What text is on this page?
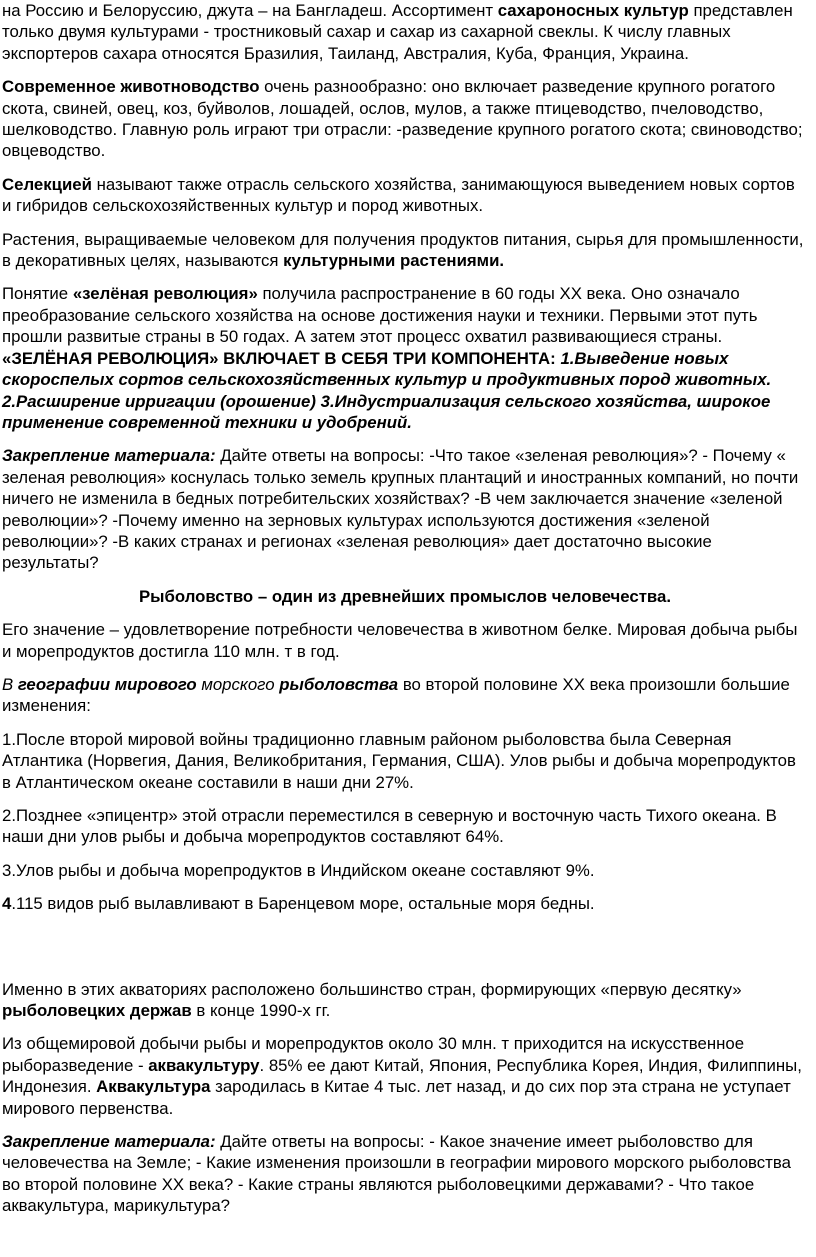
на Россию и Белоруссию, джута – на Бангладеш. Ассортимент сахароносных культур представлен только двумя культурами - тростниковый сахар и сахар из сахарной свеклы. К числу главных экспортеров сахара относятся Бразилия, Таиланд, Австралия, Куба, Франция, Украина.

Современное животноводство очень разнообразно: оно включает разведение крупного рогатого скота, свиней, овец, коз, буйволов, лошадей, ослов, мулов, а также птицеводство, пчеловодство, шелководство. Главную роль играют три отрасли: -разведение крупного рогатого скота; свиноводство; овцеводство.

Селекцией называют также отрасль сельского хозяйства, занимающуюся выведением новых сортов и гибридов сельскохозяйственных культур и пород животных.

Растения, выращиваемые человеком для получения продуктов питания, сырья для промышленности, в декоративных целях, называются культурными растениями.

Понятие «зелёная революция» получила распространение в 60 годы XX века. Оно означало преобразование сельского хозяйства на основе достижения науки и техники. Первыми этот путь прошли развитые страны в 50 годах. А затем этот процесс охватил развивающиеся страны. «ЗЕЛЁНАЯ РЕВОЛЮЦИЯ» ВКЛЮЧАЕТ В СЕБЯ ТРИ КОМПОНЕНТА: 1.Выведение новых скороспелых сортов сельскохозяйственных культур и продуктивных пород животных. 2.Расширение ирригации (орошение) 3.Индустриализация сельского хозяйства, широкое применение современной техники и удобрений.

Закрепление материала: Дайте ответы на вопросы: -Что такое «зеленая революция»? - Почему « зеленая революция» коснулась только земель крупных плантаций и иностранных компаний, но почти ничего не изменила в бедных потребительских хозяйствах? -В чем заключается значение «зеленой революции»? -Почему именно на зерновых культурах используются достижения «зеленой революции»? -В каких странах и регионах «зеленая революция» дает достаточно высокие результаты?

Рыболовство – один из древнейших промыслов человечества.

Его значение – удовлетворение потребности человечества в животном белке. Мировая добыча рыбы и морепродуктов достигла 110 млн. т в год.

В географии мирового морского рыболовства во второй половине XX века произошли большие изменения:

1.После второй мировой войны традиционно главным районом рыболовства была Северная Атлантика (Норвегия, Дания, Великобритания, Германия, США). Улов рыбы и добыча морепродуктов в Атлантическом океане составили в наши дни 27%.

2.Позднее «эпицентр» этой отрасли переместился в северную и восточную часть Тихого океана. В наши дни улов рыбы и добыча морепродуктов составляют 64%.

3.Улов рыбы и добыча морепродуктов в Индийском океане составляют 9%.

4.115 видов рыб вылавливают в Баренцевом море, остальные моря бедны.

Именно в этих акваториях расположено большинство стран, формирующих «первую десятку» рыболовецких держав в конце 1990-х гг.

Из общемировой добычи рыбы и морепродуктов около 30 млн. т приходится на искусственное рыборазведение - аквакультуру. 85% ее дают Китай, Япония, Республика Корея, Индия, Филиппины, Индонезия. Аквакультура зародилась в Китае 4 тыс. лет назад, и до сих пор эта страна не уступает мирового первенства.

Закрепление материала: Дайте ответы на вопросы: - Какое значение имеет рыболовство для человечества на Земле; - Какие изменения произошли в географии мирового морского рыболовства во второй половине XX века? - Какие страны являются рыболовецкими державами? - Что такое аквакультура, марикультура?
